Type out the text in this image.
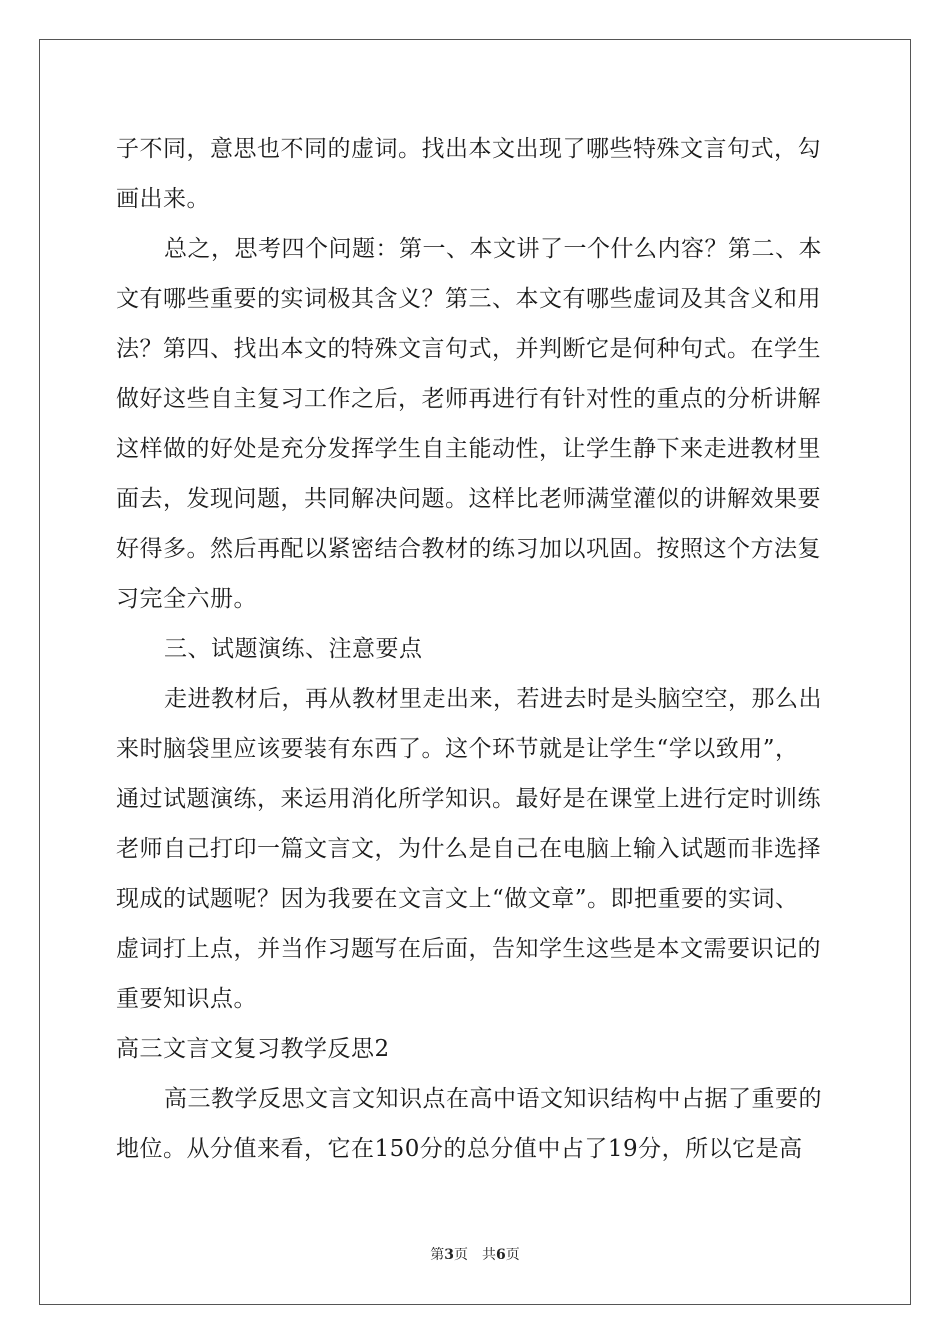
子不同，意思也不同的虚词。找出本文出现了哪些特殊文言句式，勾
画出来。
总之，思考四个问题：第一、本文讲了一个什么内容？第二、本
文有哪些重要的实词极其含义？第三、本文有哪些虚词及其含义和用
法？第四、找出本文的特殊文言句式，并判断它是何种句式。在学生
做好这些自主复习工作之后，老师再进行有针对性的重点的分析讲解
这样做的好处是充分发挥学生自主能动性，让学生静下来走进教材里
面去，发现问题，共同解决问题。这样比老师满堂灌似的讲解效果要
好得多。然后再配以紧密结合教材的练习加以巩固。按照这个方法复
习完全六册。
三、试题演练、注意要点
走进教材后，再从教材里走出来，若进去时是头脑空空，那么出
来时脑袋里应该要装有东西了。这个环节就是让学生“学以致用”，
通过试题演练，来运用消化所学知识。最好是在课堂上进行定时训练
老师自己打印一篇文言文，为什么是自己在电脑上输入试题而非选择
现成的试题呢？因为我要在文言文上“做文章”。即把重要的实词、
虚词打上点，并当作习题写在后面，告知学生这些是本文需要识记的
重要知识点。
高三文言文复习教学反思2
高三教学反思文言文知识点在高中语文知识结构中占据了重要的
地位。从分值来看，它在150分的总分值中占了19分，所以它是高
第3页 共6页
